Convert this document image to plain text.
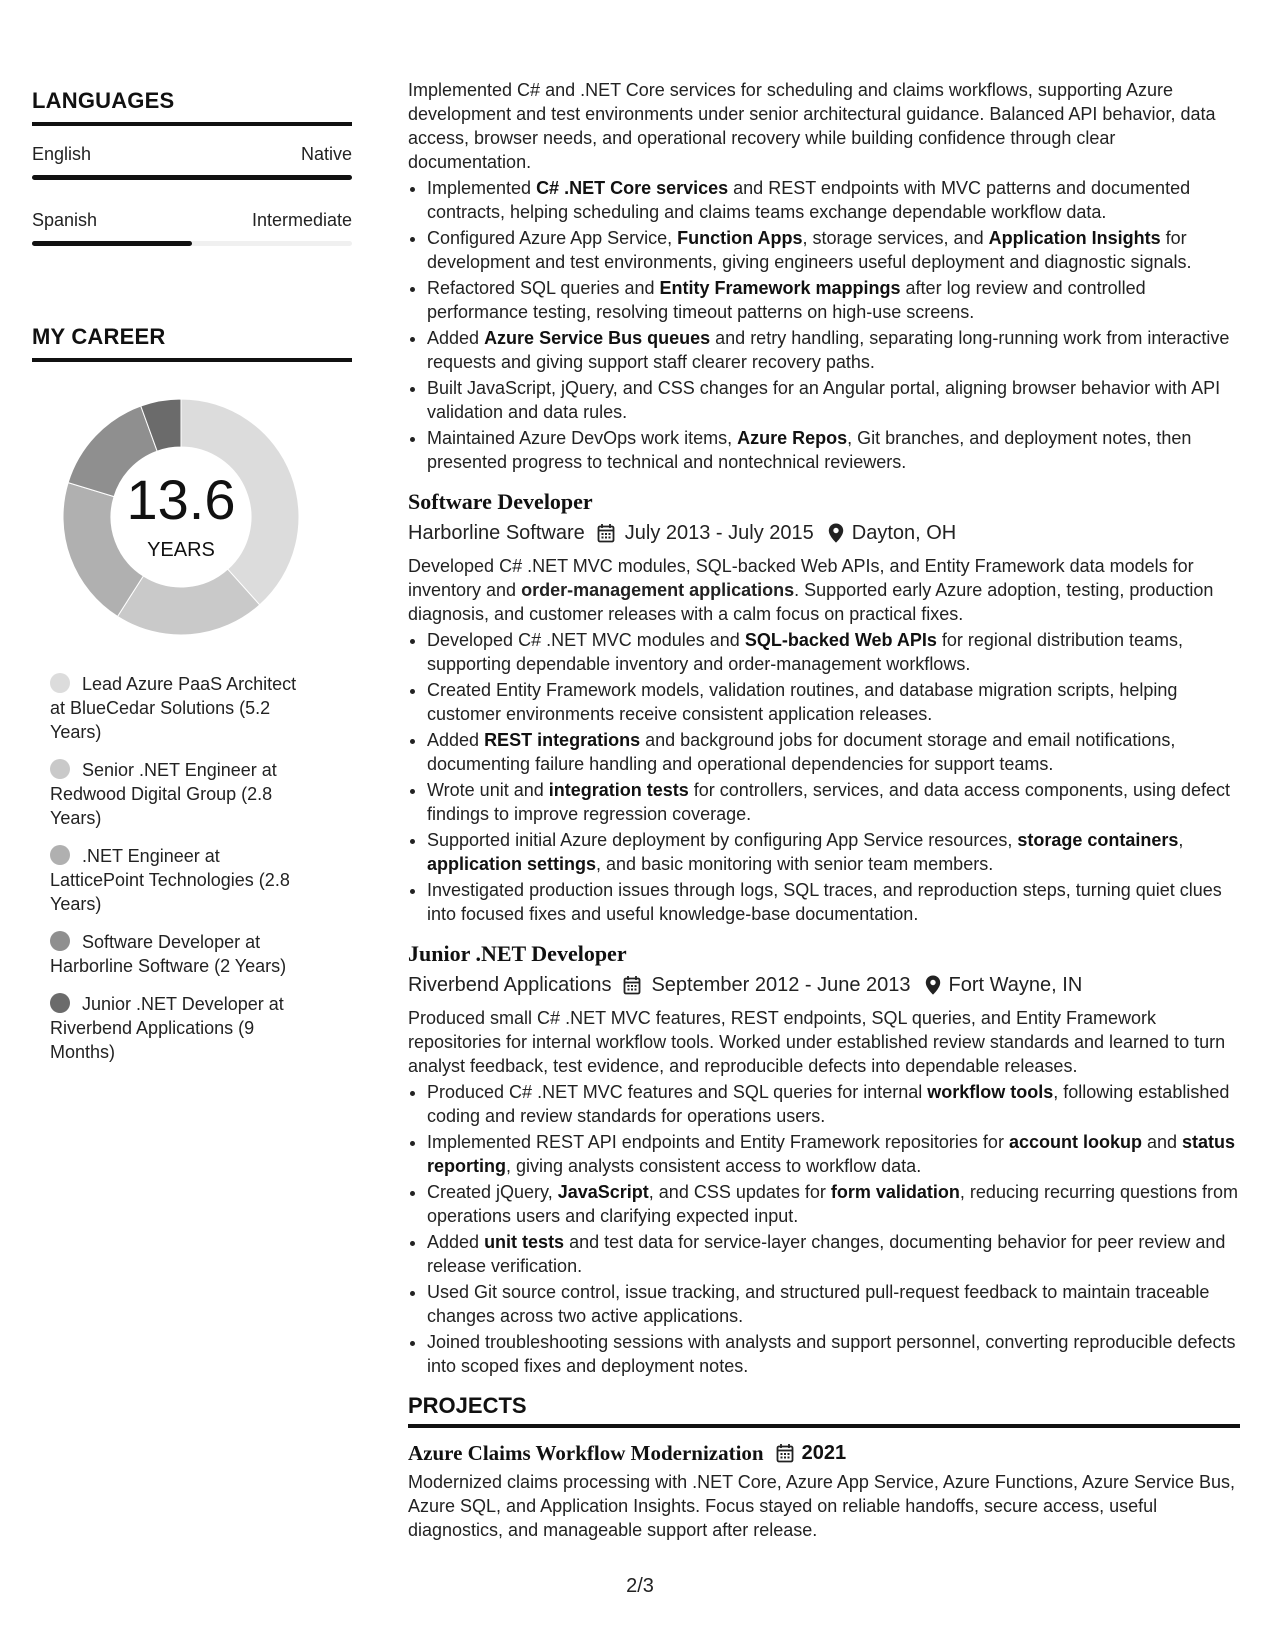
LANGUAGES
English	Native
Spanish	Intermediate
MY CAREER
13.6
YEARS
Lead Azure PaaS Architect at BlueCedar Solutions (5.2 Years)
Senior .NET Engineer at Redwood Digital Group (2.8 Years)
.NET Engineer at LatticePoint Technologies (2.8 Years)
Software Developer at Harborline Software (2 Years)
Junior .NET Developer at Riverbend Applications (9 Months)

Implemented C# and .NET Core services for scheduling and claims workflows, supporting Azure development and test environments under senior architectural guidance. Balanced API behavior, data access, browser needs, and operational recovery while building confidence through clear documentation.

• Implemented C# .NET Core services and REST endpoints with MVC patterns and documented contracts, helping scheduling and claims teams exchange dependable workflow data.
• Configured Azure App Service, Function Apps, storage services, and Application Insights for development and test environments, giving engineers useful deployment and diagnostic signals.
• Refactored SQL queries and Entity Framework mappings after log review and controlled performance testing, resolving timeout patterns on high-use screens.
• Added Azure Service Bus queues and retry handling, separating long-running work from interactive requests and giving support staff clearer recovery paths.
• Built JavaScript, jQuery, and CSS changes for an Angular portal, aligning browser behavior with API validation and data rules.
• Maintained Azure DevOps work items, Azure Repos, Git branches, and deployment notes, then presented progress to technical and nontechnical reviewers.
Software Developer
Harborline Software July 2013 - July 2015 Dayton, OH

Developed C# .NET MVC modules, SQL-backed Web APIs, and Entity Framework data models for inventory and order-management applications. Supported early Azure adoption, testing, production diagnosis, and customer releases with a calm focus on practical fixes.

• Developed C# .NET MVC modules and SQL-backed Web APIs for regional distribution teams, supporting dependable inventory and order-management workflows.
• Created Entity Framework models, validation routines, and database migration scripts, helping customer environments receive consistent application releases.
• Added REST integrations and background jobs for document storage and email notifications, documenting failure handling and operational dependencies for support teams.
• Wrote unit and integration tests for controllers, services, and data access components, using defect findings to improve regression coverage.
• Supported initial Azure deployment by configuring App Service resources, storage containers, application settings, and basic monitoring with senior team members.
• Investigated production issues through logs, SQL traces, and reproduction steps, turning quiet clues into focused fixes and useful knowledge-base documentation.
Junior .NET Developer
Riverbend Applications September 2012 - June 2013 Fort Wayne, IN

Produced small C# .NET MVC features, REST endpoints, SQL queries, and Entity Framework repositories for internal workflow tools. Worked under established review standards and learned to turn analyst feedback, test evidence, and reproducible defects into dependable releases.

• Produced C# .NET MVC features and SQL queries for internal workflow tools, following established coding and review standards for operations users.
• Implemented REST API endpoints and Entity Framework repositories for account lookup and status reporting, giving analysts consistent access to workflow data.
• Created jQuery, JavaScript, and CSS updates for form validation, reducing recurring questions from operations users and clarifying expected input.
• Added unit tests and test data for service-layer changes, documenting behavior for peer review and release verification.
• Used Git source control, issue tracking, and structured pull-request feedback to maintain traceable changes across two active applications.
• Joined troubleshooting sessions with analysts and support personnel, converting reproducible defects into scoped fixes and deployment notes.
PROJECTS
Azure Claims Workflow Modernization 2021

Modernized claims processing with .NET Core, Azure App Service, Azure Functions, Azure Service Bus, Azure SQL, and Application Insights. Focus stayed on reliable handoffs, secure access, useful diagnostics, and manageable support after release.

2/3
